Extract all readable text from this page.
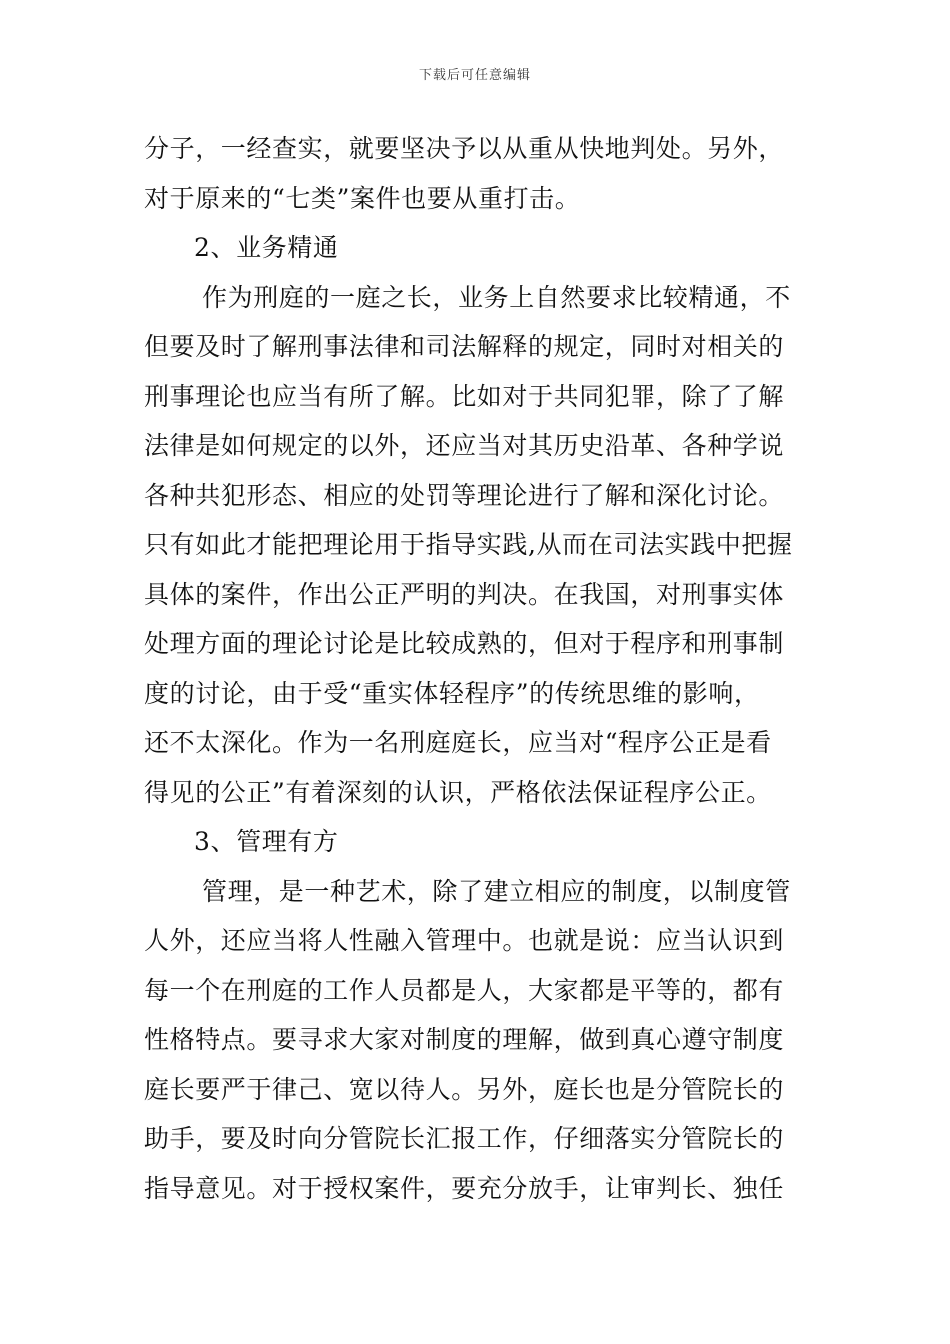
下载后可任意编辑
分子，一经查实，就要坚决予以从重从快地判处。另外，
对于原来的“七类”案件也要从重打击。
2、业务精通
作为刑庭的一庭之长，业务上自然要求比较精通，不
但要及时了解刑事法律和司法解释的规定，同时对相关的
刑事理论也应当有所了解。比如对于共同犯罪，除了了解
法律是如何规定的以外，还应当对其历史沿革、各种学说
各种共犯形态、相应的处罚等理论进行了解和深化讨论。
只有如此才能把理论用于指导实践,从而在司法实践中把握
具体的案件，作出公正严明的判决。在我国，对刑事实体
处理方面的理论讨论是比较成熟的，但对于程序和刑事制
度的讨论，由于受“重实体轻程序”的传统思维的影响，
还不太深化。作为一名刑庭庭长，应当对“程序公正是看
得见的公正”有着深刻的认识，严格依法保证程序公正。
3、管理有方
管理，是一种艺术，除了建立相应的制度，以制度管
人外，还应当将人性融入管理中。也就是说：应当认识到
每一个在刑庭的工作人员都是人，大家都是平等的，都有
性格特点。要寻求大家对制度的理解，做到真心遵守制度
庭长要严于律己、宽以待人。另外，庭长也是分管院长的
助手，要及时向分管院长汇报工作，仔细落实分管院长的
指导意见。对于授权案件，要充分放手，让审判长、独任
